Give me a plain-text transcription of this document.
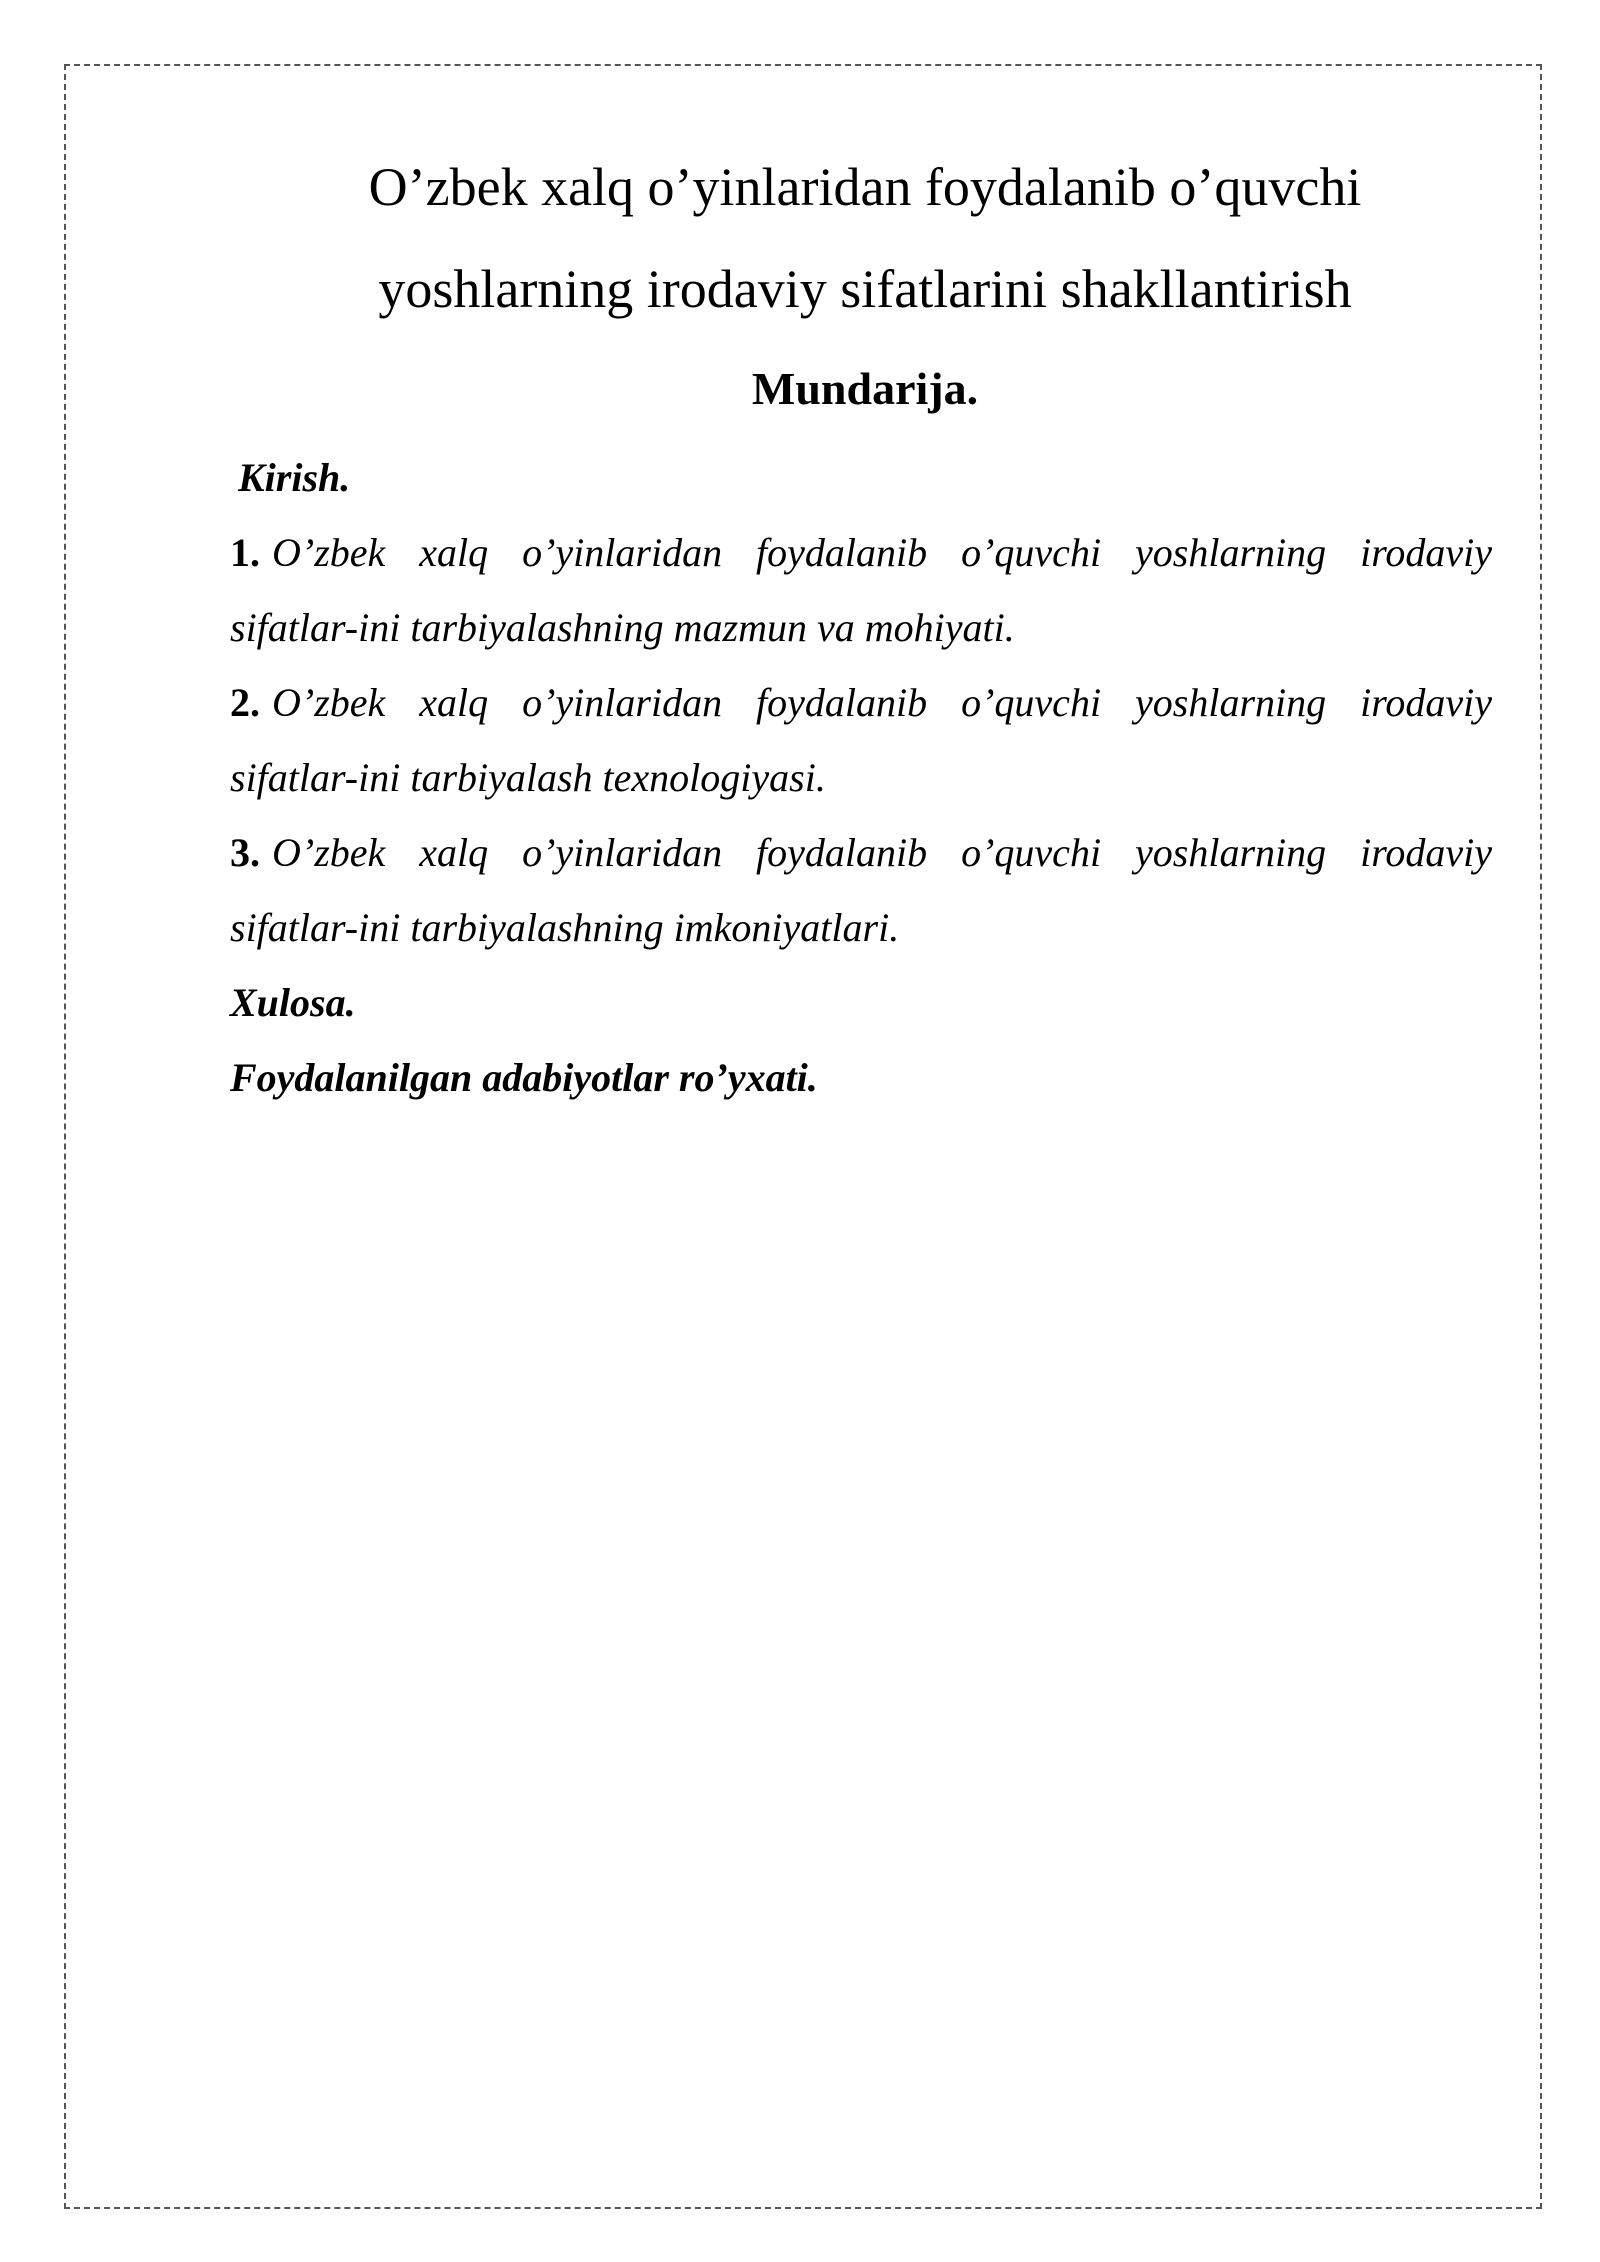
O’zbek xalq o’yinlaridan foydalanib o’quvchi
yoshlarning irodaviy sifatlarini shakllantirish
Mundarija.
Kirish.
1. O’zbek xalq o’yinlaridan foydalanib o’quvchi yoshlarning irodaviy
sifatlar-ini tarbiyalashning mazmun va mohiyati.
2. O’zbek xalq o’yinlaridan foydalanib o’quvchi yoshlarning irodaviy
sifatlar-ini tarbiyalash texnologiyasi.
3. O’zbek xalq o’yinlaridan foydalanib o’quvchi yoshlarning irodaviy
sifatlar-ini tarbiyalashning imkoniyatlari.
Xulosa.
Foydalanilgan adabiyotlar ro’yxati.
